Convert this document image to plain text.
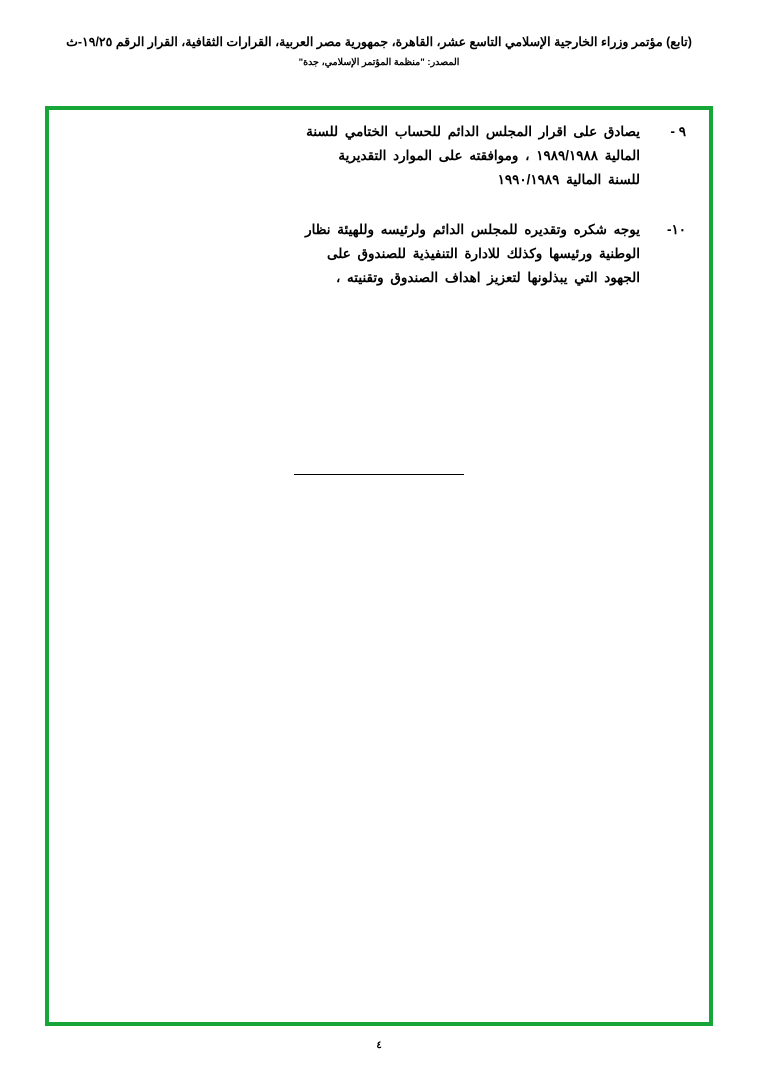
(تابع) مؤتمر وزراء الخارجية الإسلامي التاسع عشر، القاهرة، جمهورية مصر العربية، القرارات الثقافية، القرار الرقم ١٩/٢٥-ث
المصدر: "منظمة المؤتمر الإسلامي، جدة"
٩ -
يصادق على اقرار المجلس الدائم للحساب الختامي للسنة
المالية ١٩٨٩/١٩٨٨ ، وموافقته على الموارد التقديرية
للسنة المالية ١٩٩٠/١٩٨٩
١٠-
يوجه شكره وتقديره للمجلس الدائم ولرئيسه وللهيئة نظار
الوطنية ورئيسها وكذلك للادارة التنفيذية للصندوق على
الجهود التي يبذلونها لتعزيز اهداف الصندوق وتقنيته ،
٤
